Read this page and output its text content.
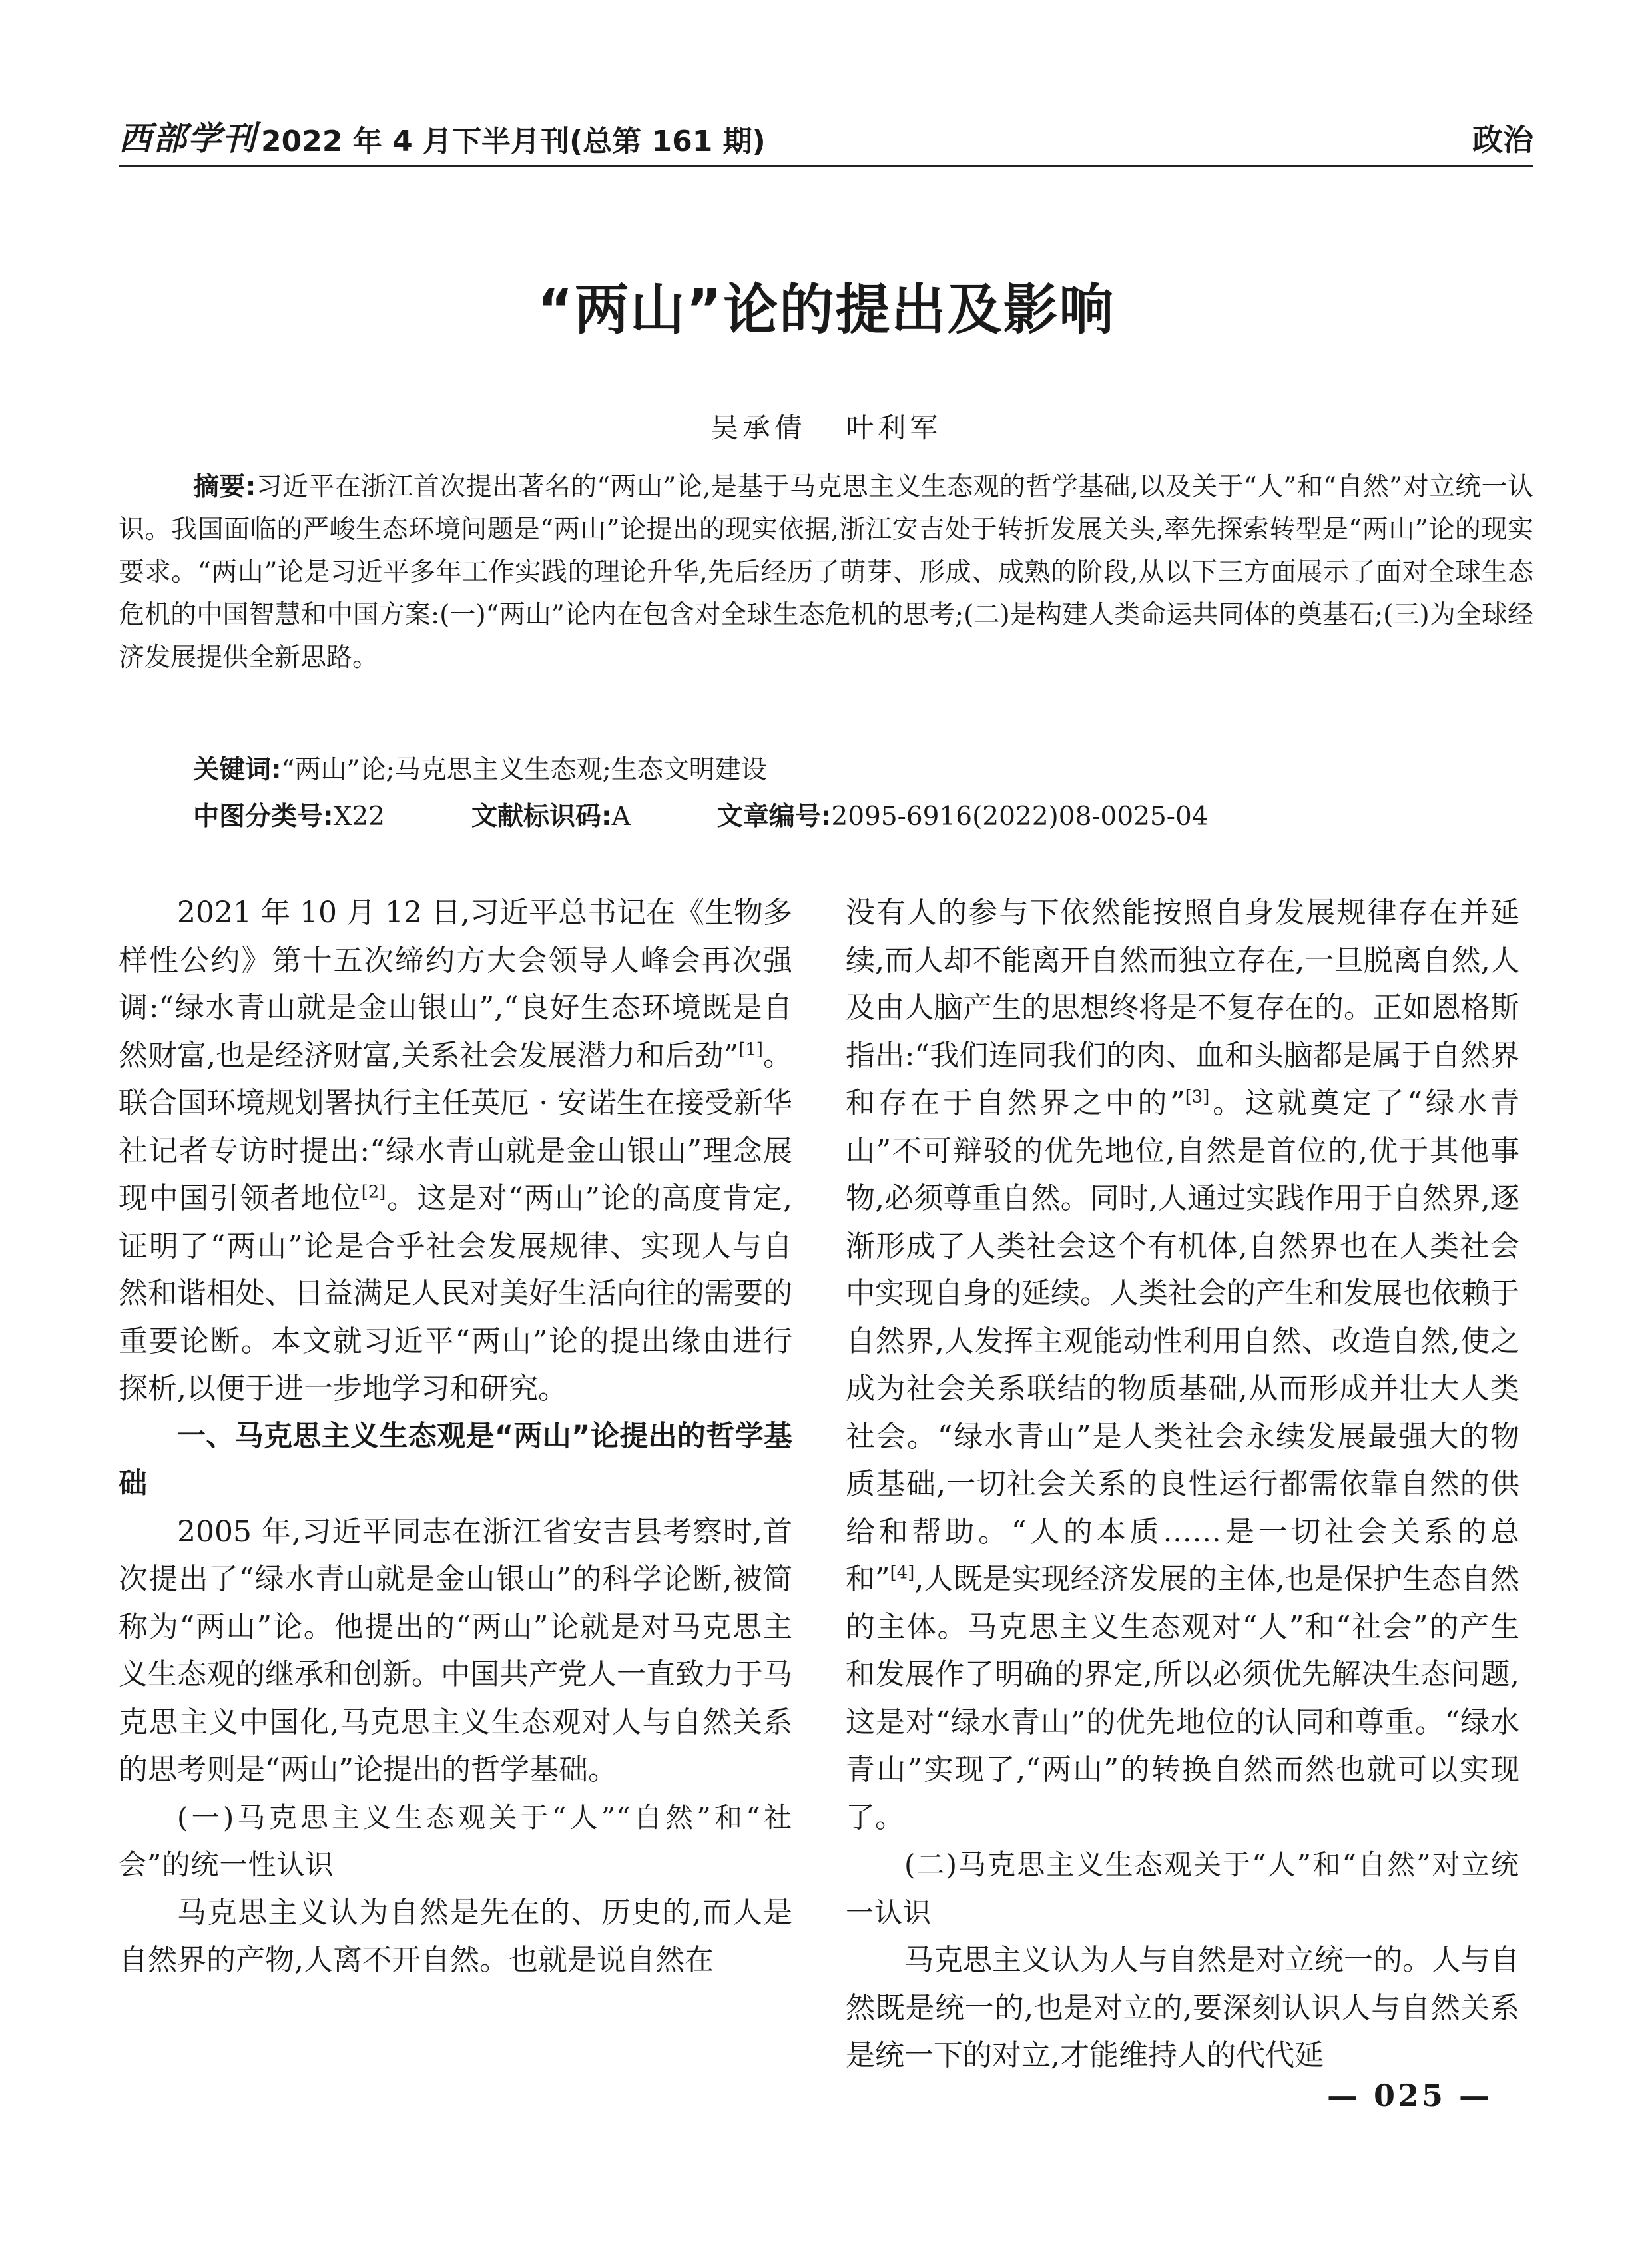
西部学刊 2022 年 4 月下半月刊(总第 161 期)	政治
“两山”论的提出及影响
吴承倩 叶利军
摘要:习近平在浙江首次提出著名的“两山”论,是基于马克思主义生态观的哲学基础,以及关于“人”和“自然”对立统一认识。我国面临的严峻生态环境问题是“两山”论提出的现实依据,浙江安吉处于转折发展关头,率先探索转型是“两山”论的现实要求。“两山”论是习近平多年工作实践的理论升华,先后经历了萌芽、形成、成熟的阶段,从以下三方面展示了面对全球生态危机的中国智慧和中国方案:(一)“两山”论内在包含对全球生态危机的思考;(二)是构建人类命运共同体的奠基石;(三)为全球经济发展提供全新思路。
关键词:“两山”论;马克思主义生态观;生态文明建设
中图分类号:X22	文献标识码:A	文章编号:2095-6916(2022)08-0025-04

2021 年 10 月 12 日,习近平总书记在《生物多样性公约》第十五次缔约方大会领导人峰会再次强调:“绿水青山就是金山银山”,“良好生态环境既是自然财富,也是经济财富,关系社会发展潜力和后劲”[1]。联合国环境规划署执行主任英厄 · 安诺生在接受新华社记者专访时提出:“绿水青山就是金山银山”理念展现中国引领者地位[2]。这是对“两山”论的高度肯定,证明了“两山”论是合乎社会发展规律、实现人与自然和谐相处、日益满足人民对美好生活向往的需要的重要论断。本文就习近平“两山”论的提出缘由进行探析,以便于进一步地学习和研究。

一、马克思主义生态观是“两山”论提出的哲学基础

2005 年,习近平同志在浙江省安吉县考察时,首次提出了“绿水青山就是金山银山”的科学论断,被简称为“两山”论。他提出的“两山”论就是对马克思主义生态观的继承和创新。中国共产党人一直致力于马克思主义中国化,马克思主义生态观对人与自然关系的思考则是“两山”论提出的哲学基础。

(一)马克思主义生态观关于“人”“自然”和“社会”的统一性认识

马克思主义认为自然是先在的、历史的,而人是自然界的产物,人离不开自然。也就是说自然在

没有人的参与下依然能按照自身发展规律存在并延续,而人却不能离开自然而独立存在,一旦脱离自然,人及由人脑产生的思想终将是不复存在的。正如恩格斯指出:“我们连同我们的肉、血和头脑都是属于自然界和存在于自然界之中的”[3]。这就奠定了“绿水青山”不可辩驳的优先地位,自然是首位的,优于其他事物,必须尊重自然。同时,人通过实践作用于自然界,逐渐形成了人类社会这个有机体,自然界也在人类社会中实现自身的延续。人类社会的产生和发展也依赖于自然界,人发挥主观能动性利用自然、改造自然,使之成为社会关系联结的物质基础,从而形成并壮大人类社会。“绿水青山”是人类社会永续发展最强大的物质基础,一切社会关系的良性运行都需依靠自然的供给和帮助。“人的本质……是一切社会关系的总和”[4],人既是实现经济发展的主体,也是保护生态自然的主体。马克思主义生态观对“人”和“社会”的产生和发展作了明确的界定,所以必须优先解决生态问题,这是对“绿水青山”的优先地位的认同和尊重。“绿水青山”实现了,“两山”的转换自然而然也就可以实现了。

(二)马克思主义生态观关于“人”和“自然”对立统一认识

马克思主义认为人与自然是对立统一的。人与自然既是统一的,也是对立的,要深刻认识人与自然关系是统一下的对立,才能维持人的代代延

— 025 —
